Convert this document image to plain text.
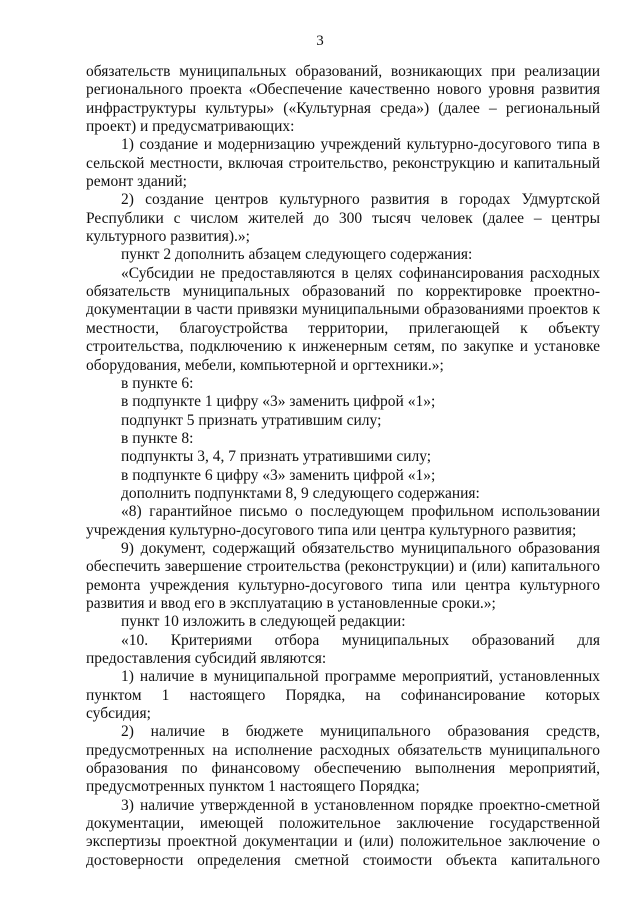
3
обязательств муниципальных образований, возникающих при реализации
регионального проекта «Обеспечение качественно нового уровня развития
инфраструктуры культуры» («Культурная среда») (далее – региональный
проект) и предусматривающих:
1) создание и модернизацию учреждений культурно-досугового типа в
сельской местности, включая строительство, реконструкцию и капитальный
ремонт зданий;
2) создание центров культурного развития в городах Удмуртской
Республики с числом жителей до 300 тысяч человек (далее – центры
культурного развития).»;
пункт 2 дополнить абзацем следующего содержания:
«Субсидии не предоставляются в целях софинансирования расходных
обязательств муниципальных образований по корректировке проектно-
документации в части привязки муниципальными образованиями проектов к
местности, благоустройства территории, прилегающей к объекту
строительства, подключению к инженерным сетям, по закупке и установке
оборудования, мебели, компьютерной и оргтехники.»;
в пункте 6:
в подпункте 1 цифру «3» заменить цифрой «1»;
подпункт 5 признать утратившим силу;
в пункте 8:
подпункты 3, 4, 7 признать утратившими силу;
в подпункте 6 цифру «3» заменить цифрой «1»;
дополнить подпунктами 8, 9 следующего содержания:
«8) гарантийное письмо о последующем профильном использовании
учреждения культурно-досугового типа или центра культурного развития;
9) документ, содержащий обязательство муниципального образования
обеспечить завершение строительства (реконструкции) и (или) капитального
ремонта учреждения культурно-досугового типа или центра культурного
развития и ввод его в эксплуатацию в установленные сроки.»;
пункт 10 изложить в следующей редакции:
«10. Критериями отбора муниципальных образований для
предоставления субсидий являются:
1) наличие в муниципальной программе мероприятий, установленных
пунктом 1 настоящего Порядка, на софинансирование которых
субсидия;
2) наличие в бюджете муниципального образования средств,
предусмотренных на исполнение расходных обязательств муниципального
образования по финансовому обеспечению выполнения мероприятий,
предусмотренных пунктом 1 настоящего Порядка;
3) наличие утвержденной в установленном порядке проектно-сметной
документации, имеющей положительное заключение государственной
экспертизы проектной документации и (или) положительное заключение о
достоверности определения сметной стоимости объекта капитального
